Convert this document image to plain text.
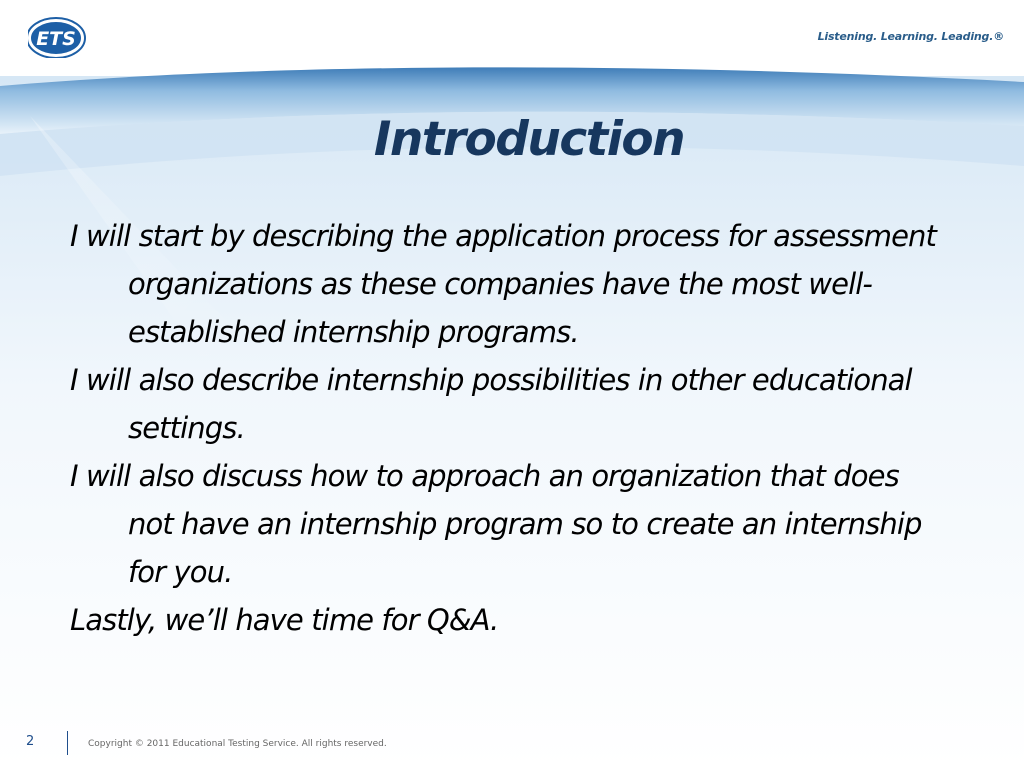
ETS	Listening. Learning. Leading.®
Introduction
I will start by describing the application process for assessment organizations as these companies have the most well-established internship programs.
I will also describe internship possibilities in other educational settings.
I will also discuss how to approach an organization that does not have an internship program so to create an internship for you.
Lastly, we’ll have time for Q&A.
2	Copyright © 2011 Educational Testing Service. All rights reserved.
